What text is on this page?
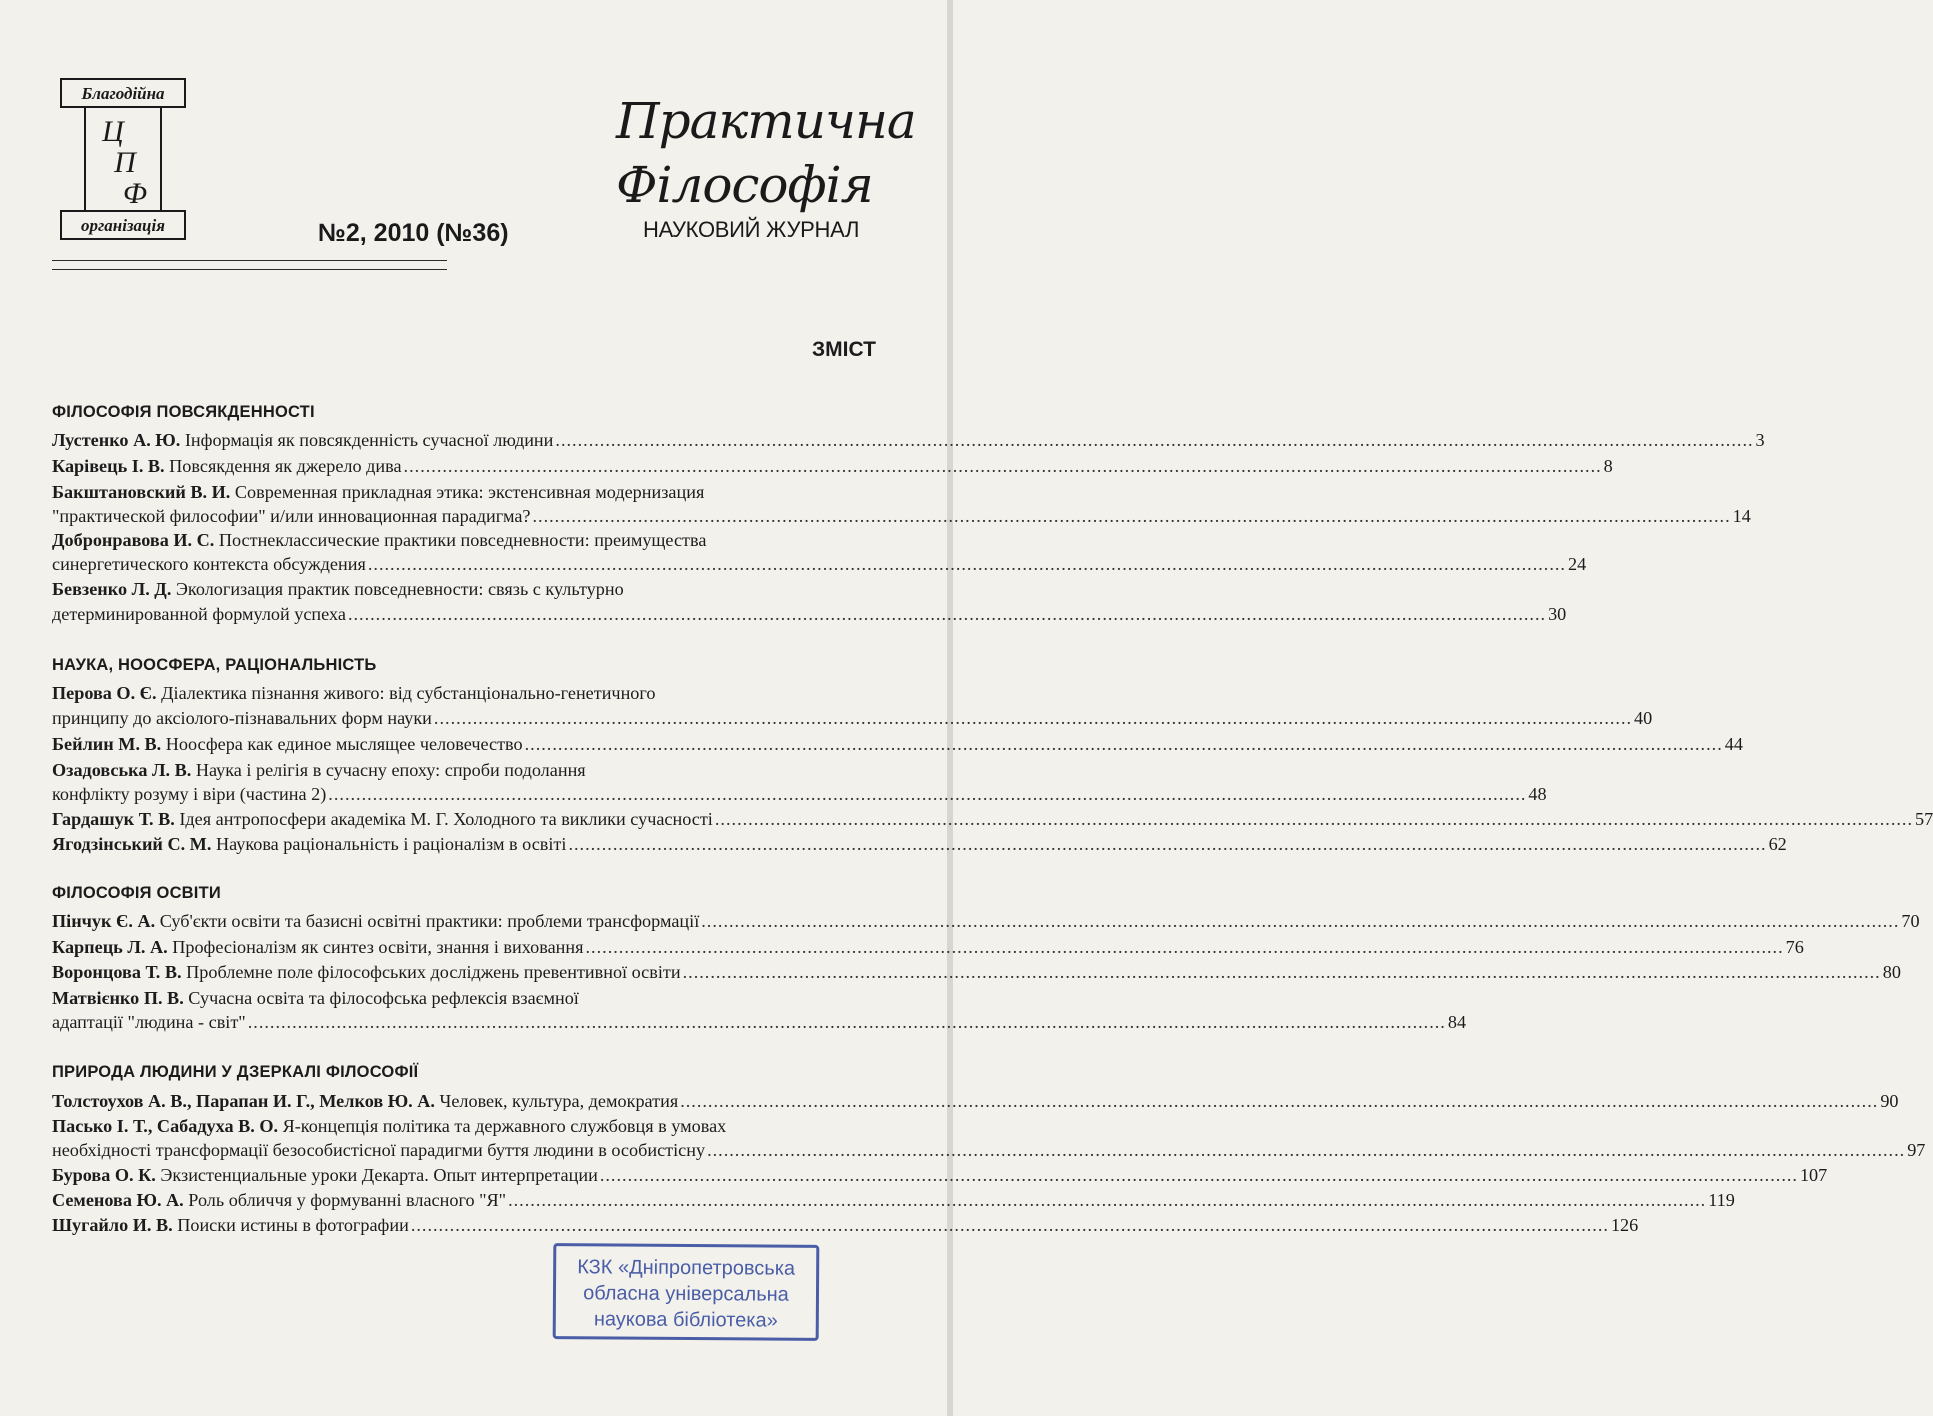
Благодійна
Ц
П
Ф
організація	№2, 2010 (№36)
Практична
Філософія
НАУКОВИЙ ЖУРНАЛ
ЗМІСТ
ФІЛОСОФІЯ ПОВСЯКДЕННОСТІ
Лустенко А. Ю. Інформація як повсякденність сучасної людини .....	3
Карівець І. В. Повсякдення як джерело дива .....	8
Бакштановский В. И. Современная прикладная этика: экстенсивная модернизация
"практической философии" и/или инновационная парадигма? .....	14
Добронравова И. С. Постнеклассические практики повседневности: преимущества
синергетического контекста обсуждения .....	24
Бевзенко Л. Д. Экологизация практик повседневности: связь с культурно
детерминированной формулой успеха .....	30
НАУКА, НООСФЕРА, РАЦІОНАЛЬНІСТЬ
Перова О. Є. Діалектика пізнання живого: від субстанціонально-генетичного
принципу до аксіолого-пізнавальних форм науки .....	40
Бейлин М. В. Ноосфера как единое мыслящее человечество .....	44
Озадовська Л. В. Наука і релігія в сучасну епоху: спроби подолання
конфлікту розуму і віри (частина 2) .....	48
Гардашук Т. В. Ідея антропосфери академіка М. Г. Холодного та виклики сучасності .....	57
Ягодзінський С. М. Наукова раціональність і раціоналізм в освіті .....	62
ФІЛОСОФІЯ ОСВІТИ
Пінчук Є. А. Суб'єкти освіти та базисні освітні практики: проблеми трансформації .....	70
Карпець Л. А. Професіоналізм як синтез освіти, знання і виховання .....	76
Воронцова Т. В. Проблемне поле філософських досліджень превентивної освіти .....	80
Матвієнко П. В. Сучасна освіта та філософська рефлексія взаємної
адаптації "людина - світ" .....	84
ПРИРОДА ЛЮДИНИ У ДЗЕРКАЛІ ФІЛОСОФІЇ
Толстоухов А. В., Парапан И. Г., Мелков Ю. А. Человек, культура, демократия .....	90
Пасько І. Т., Сабадуха В. О. Я-концепція політика та державного службовця в умовах
необхідності трансформації безособистісної парадигми буття людини в особистісну .....	97
Бурова О. К. Экзистенциальные уроки Декарта. Опыт интерпретации .....	107
Семенова Ю. А. Роль обличчя у формуванні власного "Я" .....	119
Шугайло И. В. Поиски истины в фотографии .....	126
КЗК «Дніпропетровська
обласна універсальна
наукова бібліотека»
